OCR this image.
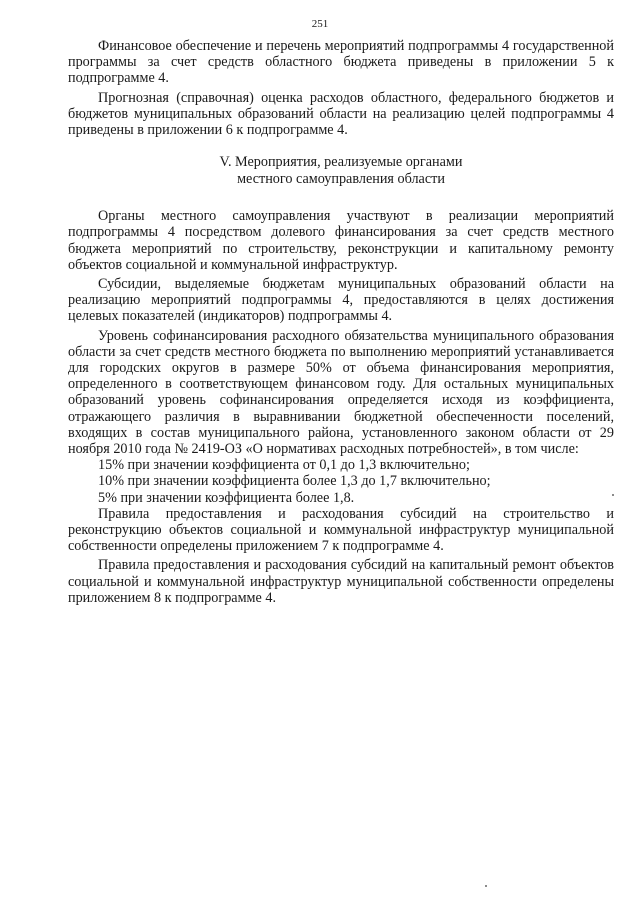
251

Финансовое обеспечение и перечень мероприятий подпрограммы 4 государственной программы за счет средств областного бюджета приведены в приложении 5 к подпрограмме 4.

Прогнозная (справочная) оценка расходов областного, федерального бюджетов и бюджетов муниципальных образований области на реализацию целей подпрограммы 4 приведены в приложении 6 к подпрограмме 4.

V. Мероприятия, реализуемые органами
местного самоуправления области

Органы местного самоуправления участвуют в реализации мероприятий подпрограммы 4 посредством долевого финансирования за счет средств местного бюджета мероприятий по строительству, реконструкции и капитальному ремонту объектов социальной и коммунальной инфраструктур.

Субсидии, выделяемые бюджетам муниципальных образований области на реализацию мероприятий подпрограммы 4, предоставляются в целях достижения целевых показателей (индикаторов) подпрограммы 4.

Уровень софинансирования расходного обязательства муниципального образования области за счет средств местного бюджета по выполнению мероприятий устанавливается для городских округов в размере 50% от объема финансирования мероприятия, определенного в соответствующем финансовом году. Для остальных муниципальных образований уровень софинансирования определяется исходя из коэффициента, отражающего различия в выравнивании бюджетной обеспеченности поселений, входящих в состав муниципального района, установленного законом области от 29 ноября 2010 года № 2419-ОЗ «О нормативах расходных потребностей», в том числе:

15% при значении коэффициента от 0,1 до 1,3 включительно;

10% при значении коэффициента более 1,3 до 1,7 включительно;

5% при значении коэффициента более 1,8.

Правила предоставления и расходования субсидий на строительство и реконструкцию объектов социальной и коммунальной инфраструктур муниципальной собственности определены приложением 7 к подпрограмме 4.

Правила предоставления и расходования субсидий на капитальный ремонт объектов социальной и коммунальной инфраструктур муниципальной собственности определены приложением 8 к подпрограмме 4.
